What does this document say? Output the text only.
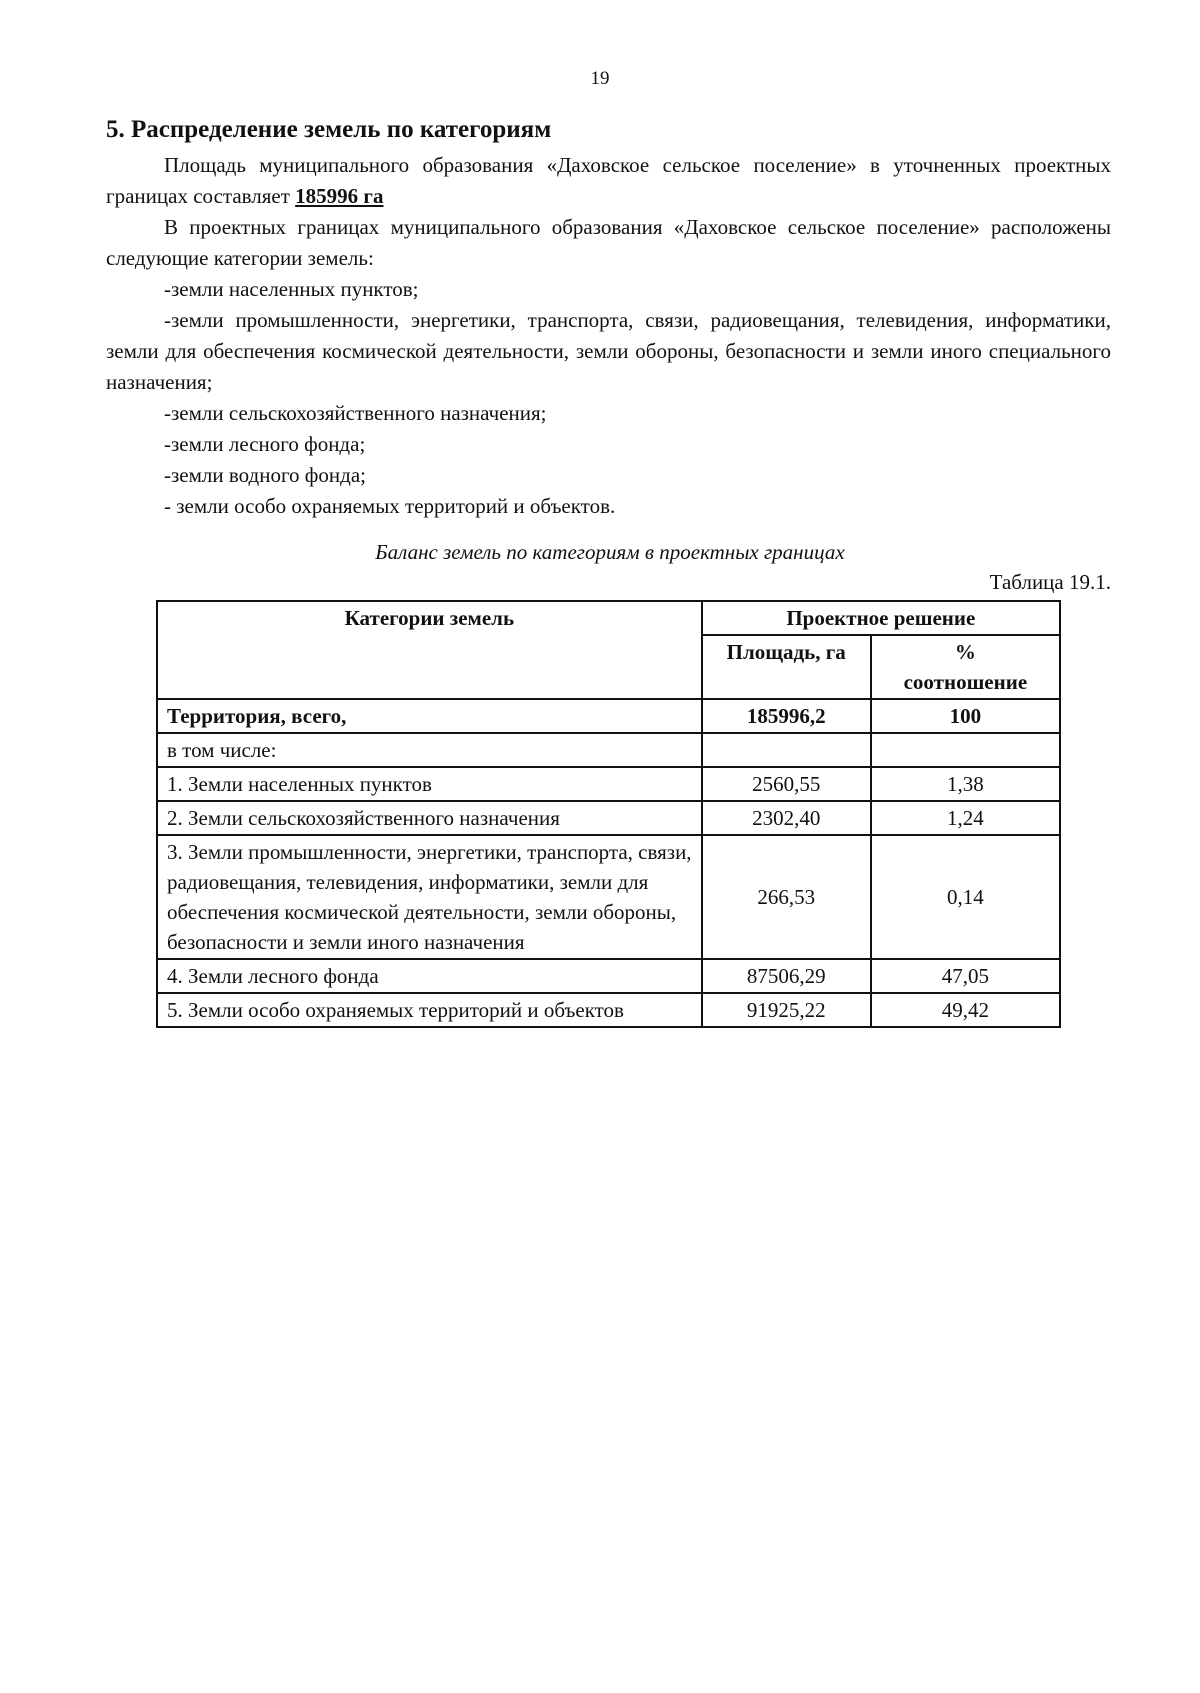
19
5. Распределение земель по категориям

Площадь муниципального образования «Даховское сельское поселение» в уточненных проектных границах составляет 185996 га

В проектных границах муниципального образования «Даховское сельское поселение» расположены следующие категории земель:

-земли населенных пунктов;

-земли промышленности, энергетики, транспорта, связи, радиовещания, телевидения, информатики, земли для обеспечения космической деятельности, земли обороны, безопасности и земли иного специального назначения;

-земли сельскохозяйственного назначения;

-земли лесного фонда;

-земли водного фонда;

- земли особо охраняемых территорий и объектов.

Баланс земель по категориям в проектных границах
Таблица 19.1.
Категории земель	Проектное решение	
	Площадь, га	%
соотношение
Территория, всего,	185996,2	100
в том числе:		
1. Земли населенных пунктов	2560,55	1,38
2. Земли сельскохозяйственного назначения	2302,40	1,24
3. Земли промышленности, энергетики, транспорта, связи, радиовещания, телевидения, информатики, земли для обеспечения космической деятельности, земли обороны, безопасности и земли иного назначения	266,53	0,14
4. Земли лесного фонда	87506,29	47,05
5. Земли особо охраняемых территорий и объектов	91925,22	49,42
